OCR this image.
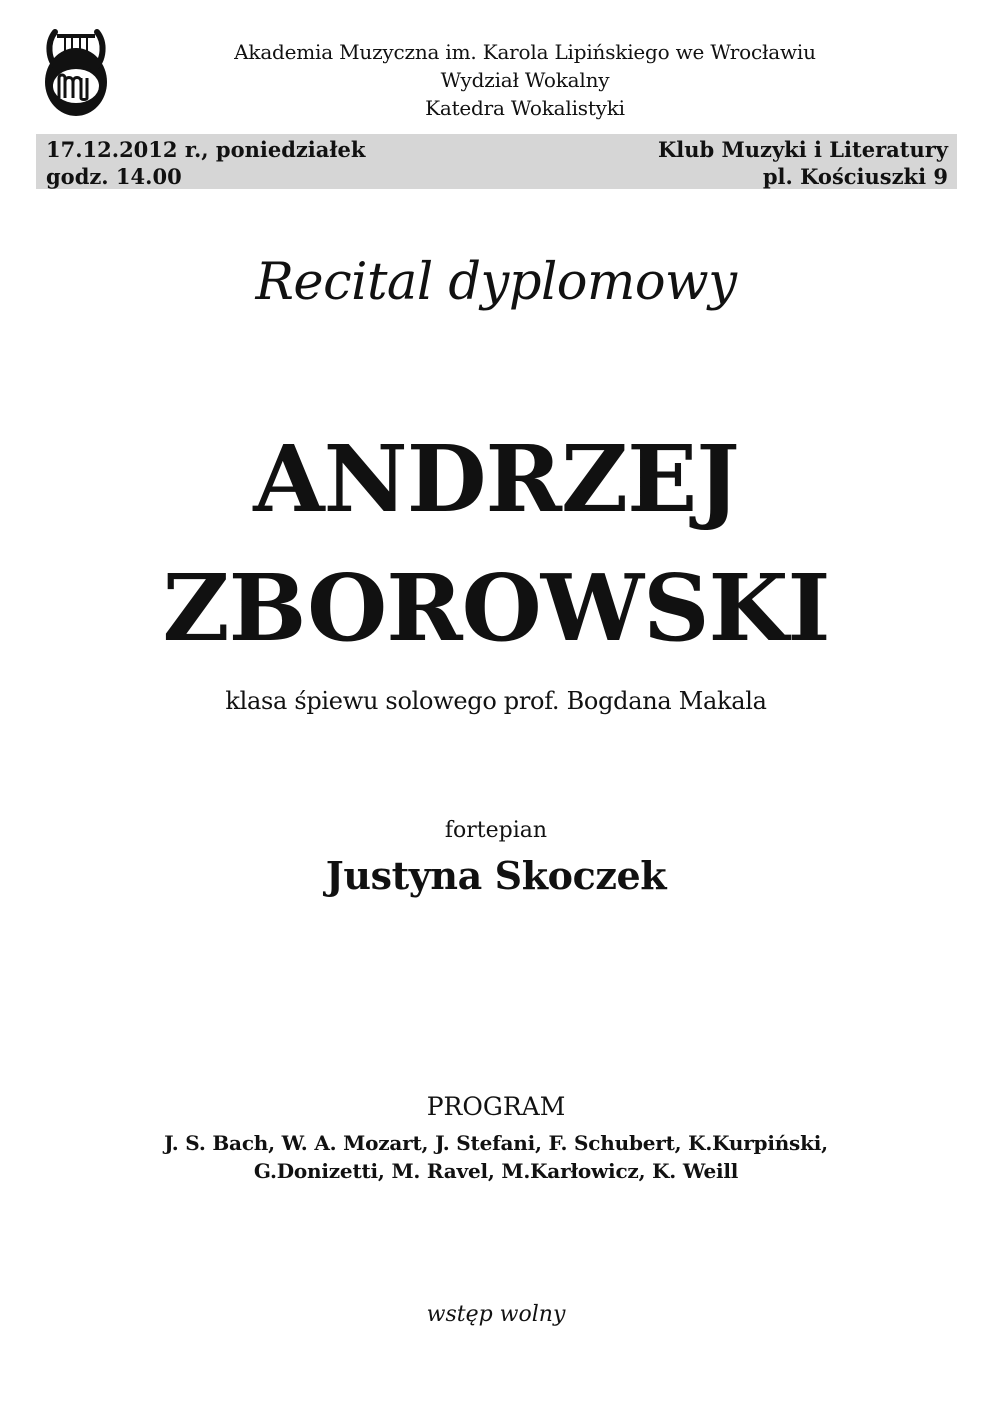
Akademia Muzyczna im. Karola Lipińskiego we Wrocławiu
Wydział Wokalny
Katedra Wokalistyki
17.12.2012 r., poniedziałek
godz. 14.00
Klub Muzyki i Literatury
pl. Kościuszki 9
Recital dyplomowy
ANDRZEJ
ZBOROWSKI
klasa śpiewu solowego prof. Bogdana Makala
fortepian
Justyna Skoczek
PROGRAM
J. S. Bach, W. A. Mozart, J. Stefani, F. Schubert, K.Kurpiński,
G.Donizetti, M. Ravel, M.Karłowicz, K. Weill
wstęp wolny
